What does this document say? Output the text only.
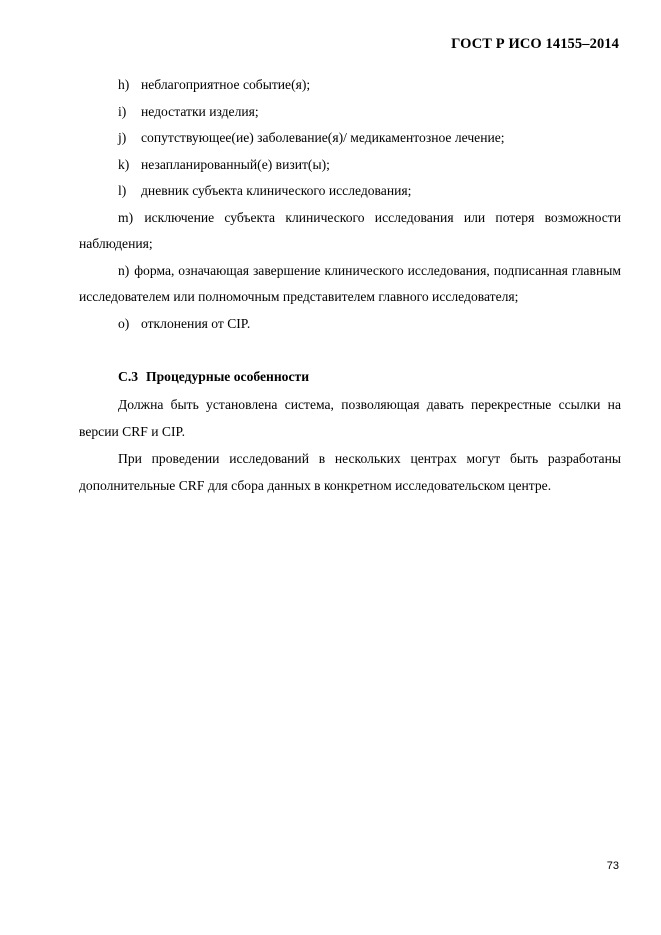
ГОСТ Р ИСО 14155–2014

h) неблагоприятное событие(я);

i) недостатки изделия;

j) сопутствующее(ие) заболевание(я)/ медикаментозное лечение;

k) незапланированный(е) визит(ы);

l) дневник субъекта клинического исследования;

m) исключение субъекта клинического исследования или потеря возможности наблюдения;

n) форма, означающая завершение клинического исследования, подписанная главным исследователем или полномочным представителем главного исследователя;

o) отклонения от CIP.

C.3 Процедурные особенности

Должна быть установлена система, позволяющая давать перекрестные ссылки на версии CRF и CIP.

При проведении исследований в нескольких центрах могут быть разработаны дополнительные CRF для сбора данных в конкретном исследовательском центре.

73
